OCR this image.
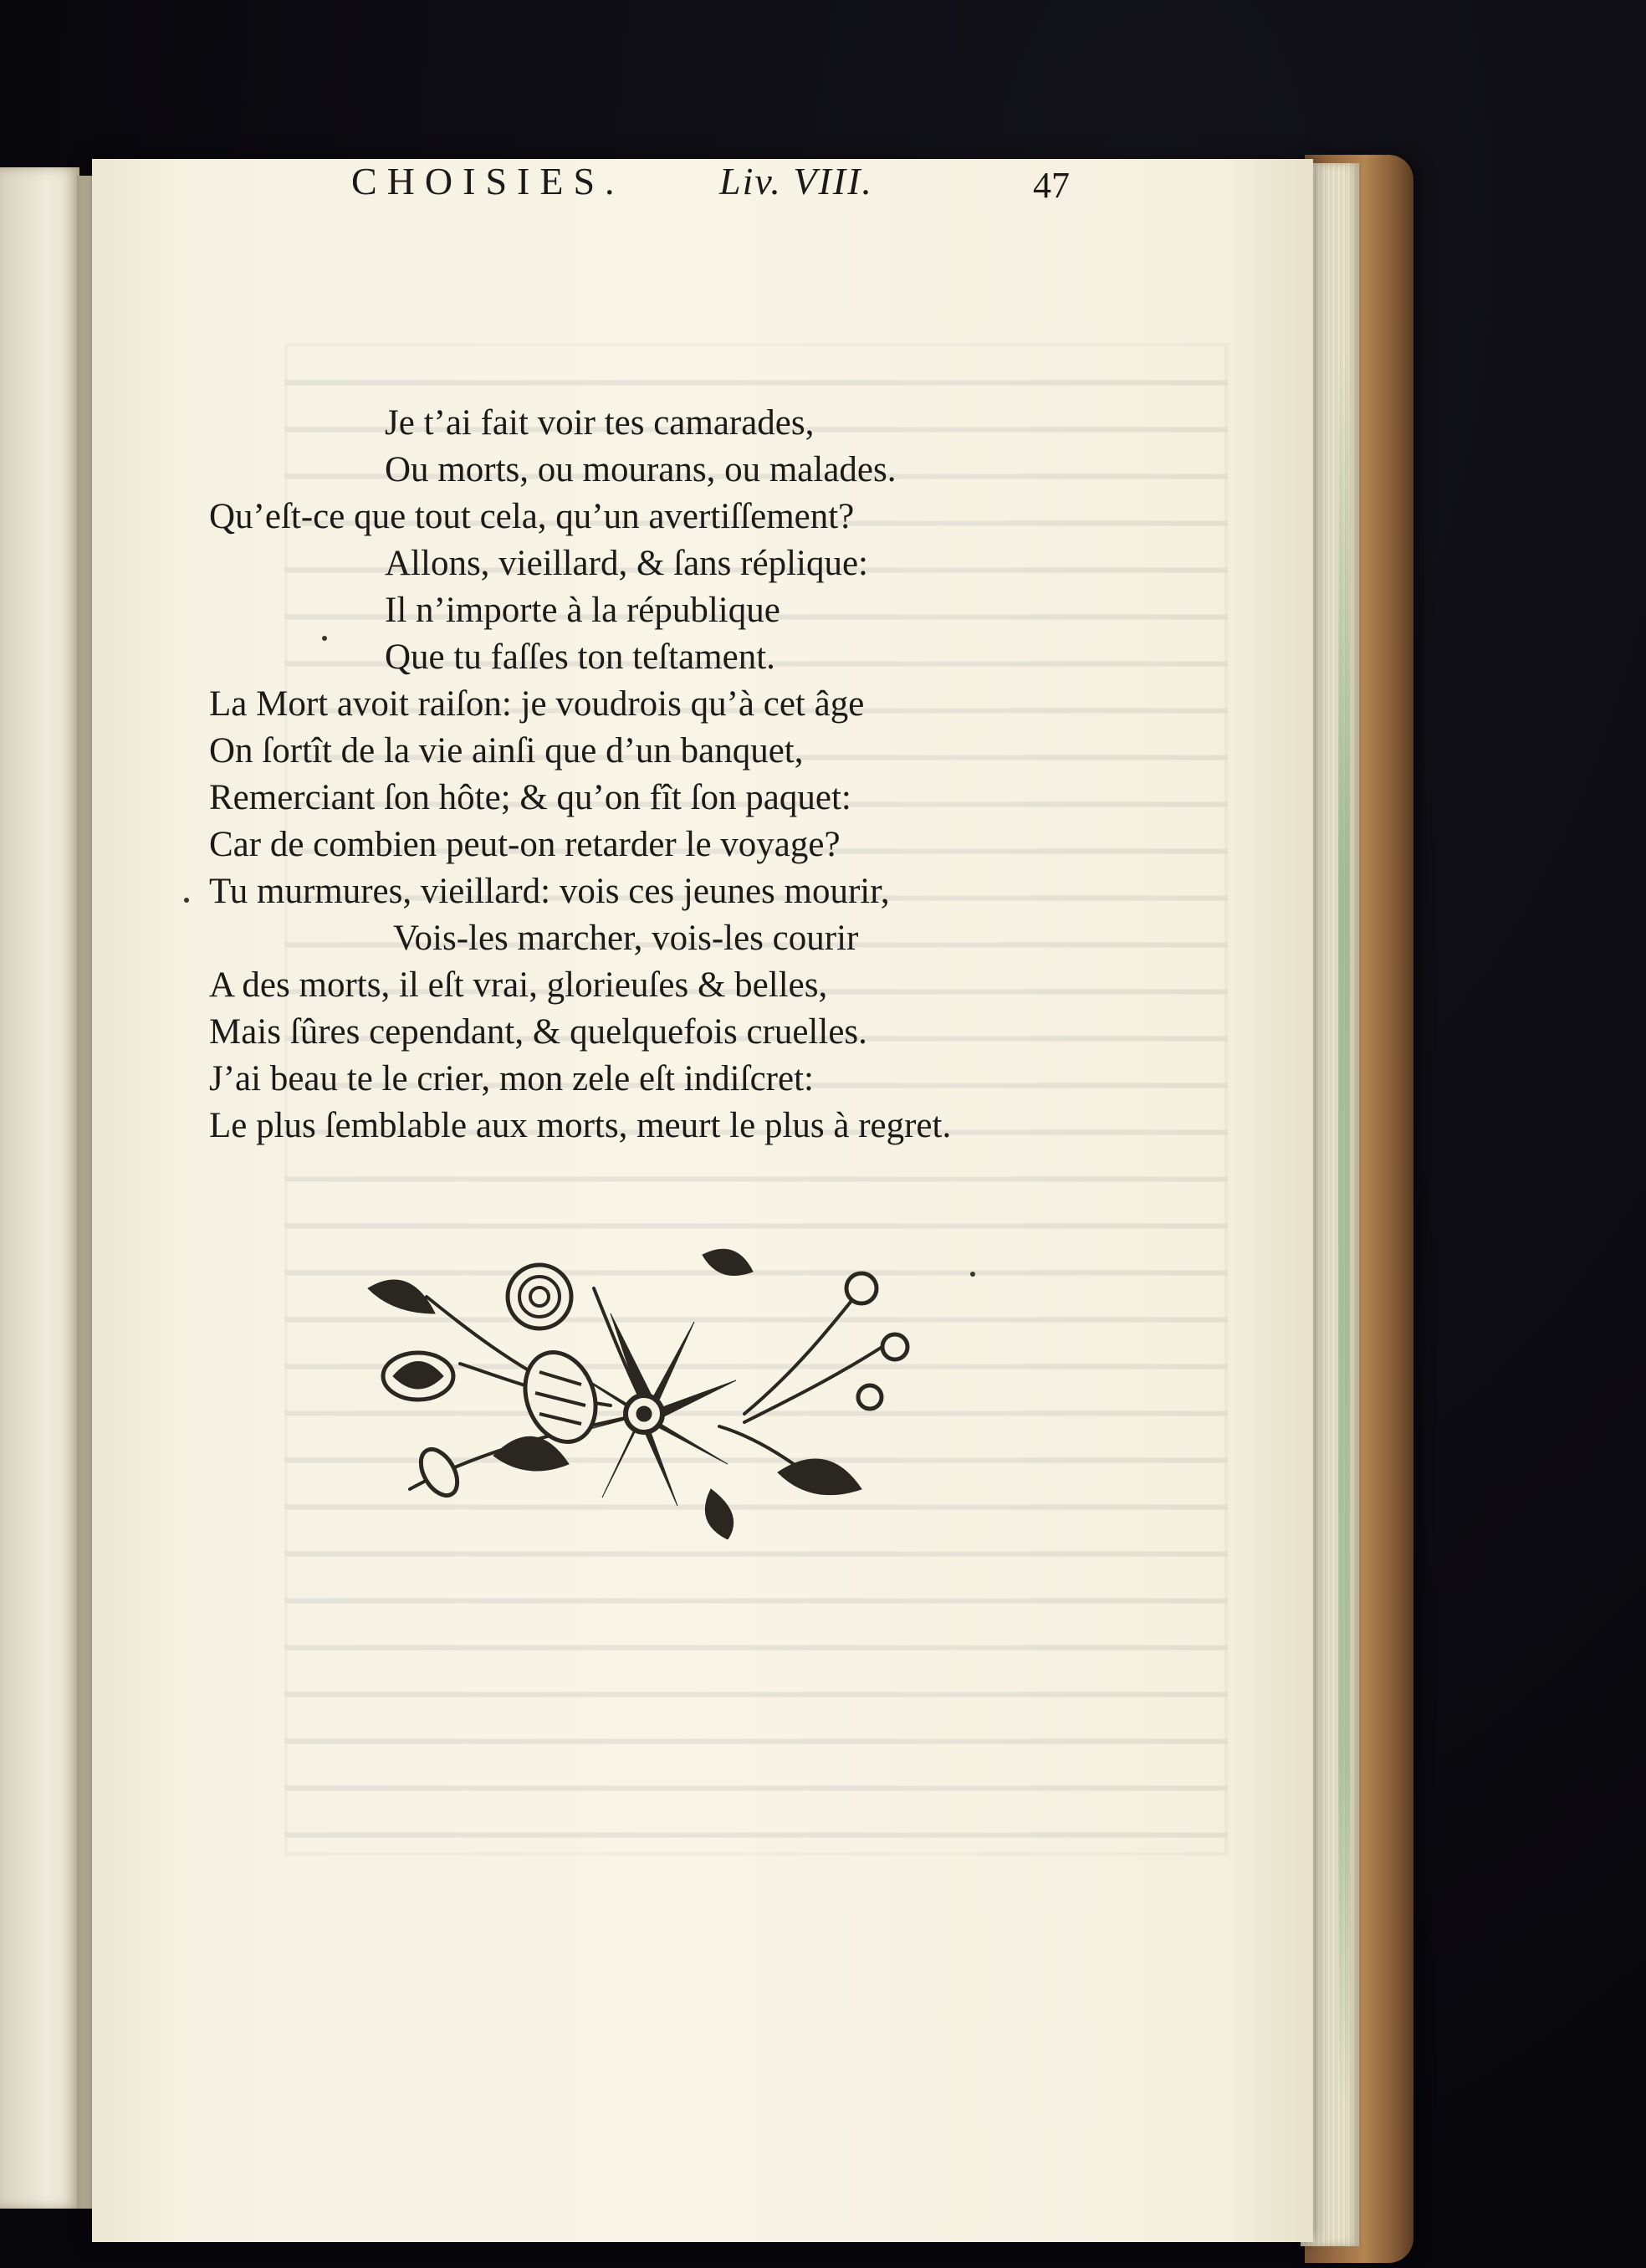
CHOISIES. Liv. VIII.	47
Je t’ai fait voir tes camarades,
Ou morts, ou mourans, ou malades.
Qu’eſt-ce que tout cela, qu’un avertiſſement?
Allons, vieillard, & ſans réplique:
Il n’importe à la république
Que tu faſſes ton teſtament.
La Mort avoit raiſon: je voudrois qu’à cet âge
On ſortît de la vie ainſi que d’un banquet,
Remerciant ſon hôte; & qu’on fît ſon paquet:
Car de combien peut-on retarder le voyage?
Tu murmures, vieillard: vois ces jeunes mourir,
Vois-les marcher, vois-les courir
A des morts, il eſt vrai, glorieuſes & belles,
Mais ſûres cependant, & quelquefois cruelles.
J’ai beau te le crier, mon zele eſt indiſcret:
Le plus ſemblable aux morts, meurt le plus à regret.
